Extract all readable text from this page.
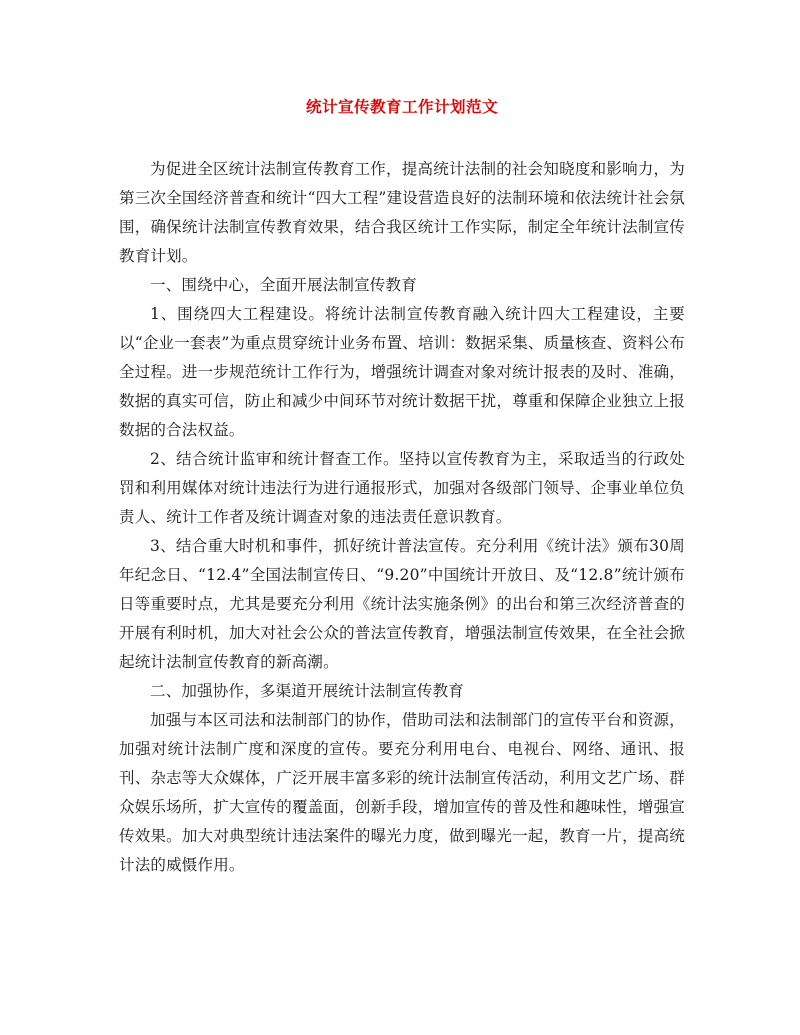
统计宣传教育工作计划范文

为促进全区统计法制宣传教育工作，提高统计法制的社会知晓度和影响力，为第三次全国经济普查和统计“四大工程”建设营造良好的法制环境和依法统计社会氛围，确保统计法制宣传教育效果，结合我区统计工作实际，制定全年统计法制宣传教育计划。

一、围绕中心，全面开展法制宣传教育

1、围绕四大工程建设。将统计法制宣传教育融入统计四大工程建设，主要以“企业一套表”为重点贯穿统计业务布置、培训：数据采集、质量核查、资料公布全过程。进一步规范统计工作行为，增强统计调查对象对统计报表的及时、准确，数据的真实可信，防止和减少中间环节对统计数据干扰，尊重和保障企业独立上报数据的合法权益。

2、结合统计监审和统计督查工作。坚持以宣传教育为主，采取适当的行政处罚和利用媒体对统计违法行为进行通报形式，加强对各级部门领导、企事业单位负责人、统计工作者及统计调查对象的违法责任意识教育。

3、结合重大时机和事件，抓好统计普法宣传。充分利用《统计法》颁布30周年纪念日、“12.4”全国法制宣传日、“9.20”中国统计开放日、及“12.8”统计颁布日等重要时点，尤其是要充分利用《统计法实施条例》的出台和第三次经济普查的开展有利时机，加大对社会公众的普法宣传教育，增强法制宣传效果，在全社会掀起统计法制宣传教育的新高潮。

二、加强协作，多渠道开展统计法制宣传教育

加强与本区司法和法制部门的协作，借助司法和法制部门的宣传平台和资源，加强对统计法制广度和深度的宣传。要充分利用电台、电视台、网络、通讯、报刊、杂志等大众媒体，广泛开展丰富多彩的统计法制宣传活动，利用文艺广场、群众娱乐场所，扩大宣传的覆盖面，创新手段，增加宣传的普及性和趣味性，增强宣传效果。加大对典型统计违法案件的曝光力度，做到曝光一起，教育一片，提高统计法的威慑作用。
